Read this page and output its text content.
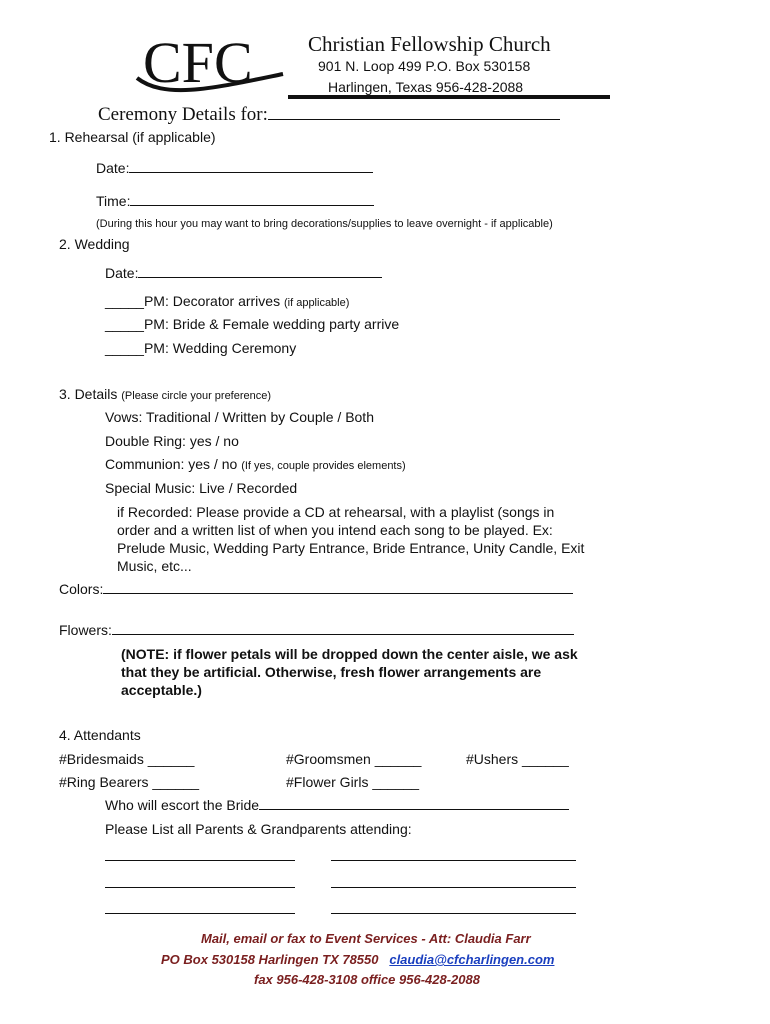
CFC	Christian Fellowship Church
901 N. Loop 499 P.O. Box 530158
Harlingen, Texas 956-428-2088
Ceremony Details for:
1. Rehearsal (if applicable)
Date:
Time:
(During this hour you may want to bring decorations/supplies to leave overnight - if applicable)
2. Wedding
Date:
_____PM: Decorator arrives (if applicable)
_____PM: Bride & Female wedding party arrive
_____PM: Wedding Ceremony
3. Details (Please circle your preference)
Vows: Traditional / Written by Couple / Both
Double Ring: yes / no
Communion: yes / no (If yes, couple provides elements)
Special Music: Live / Recorded
if Recorded: Please provide a CD at rehearsal, with a playlist (songs in
order and a written list of when you intend each song to be played. Ex:
Prelude Music, Wedding Party Entrance, Bride Entrance, Unity Candle, Exit
Music, etc...
Colors:
Flowers:
(NOTE: if flower petals will be dropped down the center aisle, we ask
that they be artificial. Otherwise, fresh flower arrangements are
acceptable.)
4. Attendants
#Bridesmaids ______	#Groomsmen ______	#Ushers ______
#Ring Bearers ______	#Flower Girls ______
Who will escort the Bride
Please List all Parents & Grandparents attending:
Mail, email or fax to Event Services - Att: Claudia Farr
PO Box 530158 Harlingen TX 78550 claudia@cfcharlingen.com
fax 956-428-3108 office 956-428-2088
